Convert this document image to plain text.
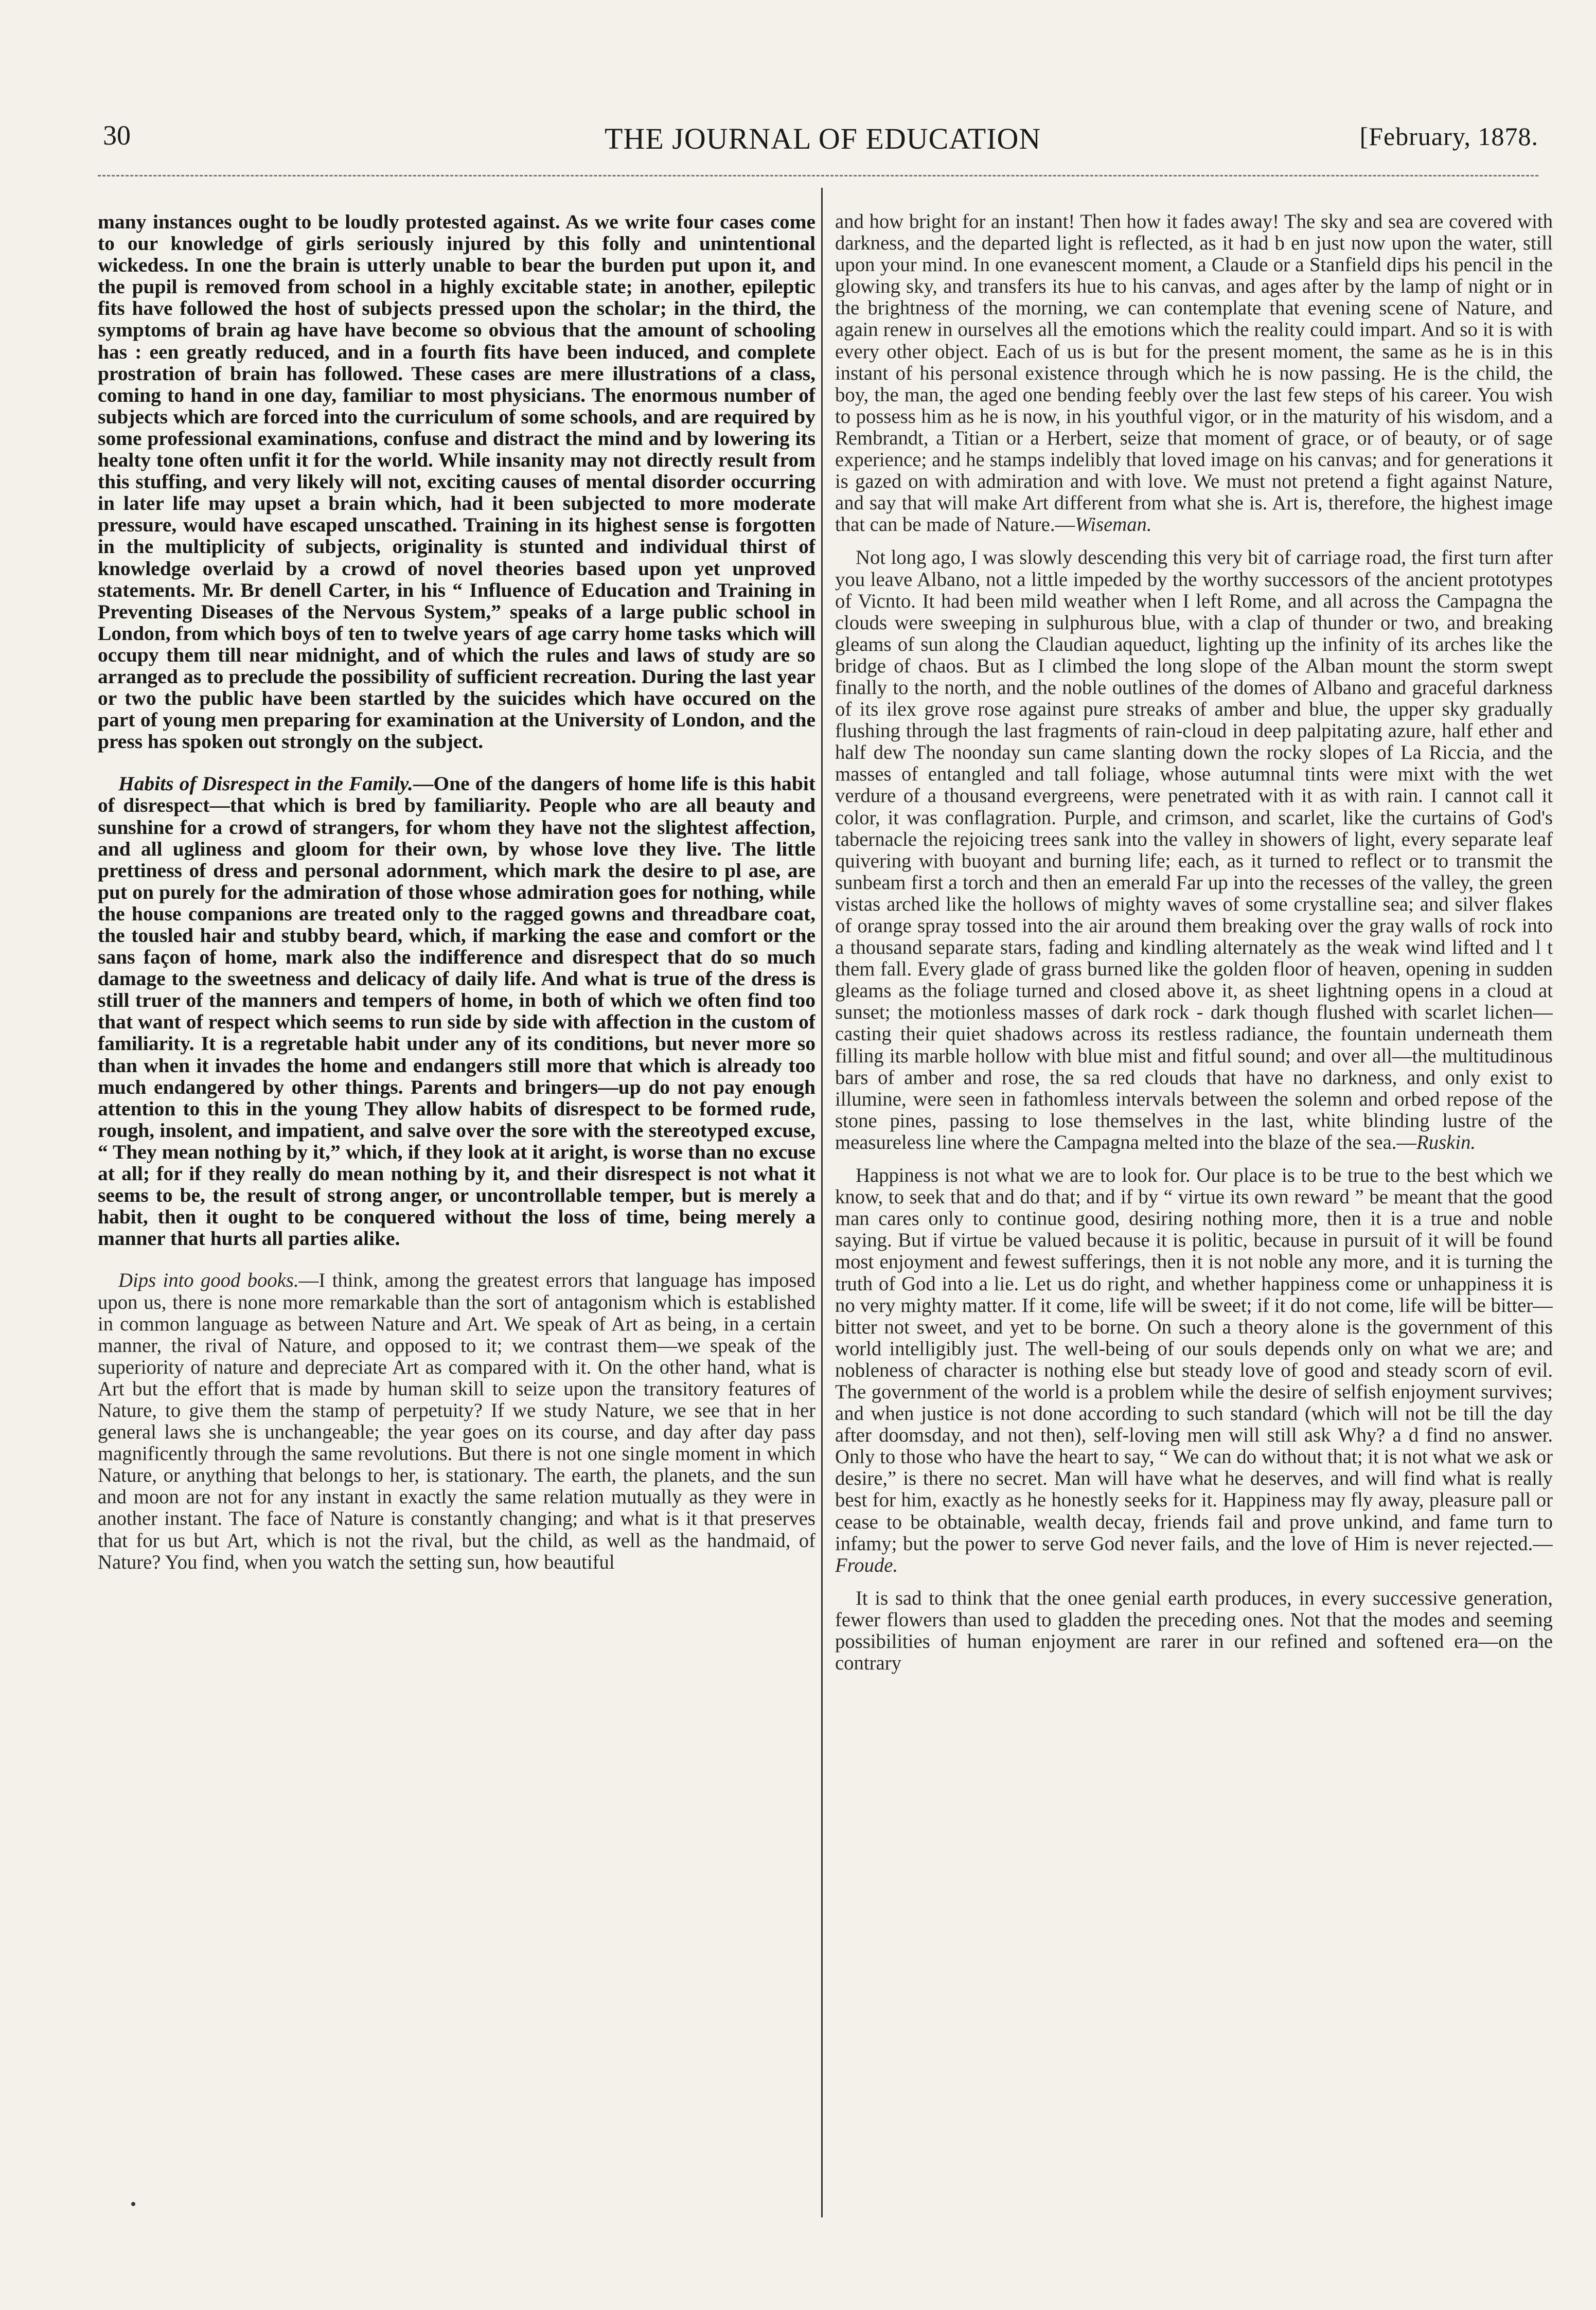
30	THE JOURNAL OF EDUCATION	[February, 1878.

many instances ought to be loudly protested against. As we write four cases come to our knowledge of girls seriously injured by this folly and unintentional wickedess. In one the brain is utterly unable to bear the burden put upon it, and the pupil is removed from school in a highly excitable state; in another, epileptic fits have followed the host of subjects pressed upon the scholar; in the third, the symptoms of brain ag have have become so obvious that the amount of schooling has : een greatly reduced, and in a fourth fits have been induced, and complete prostration of brain has followed. These cases are mere illustrations of a class, coming to hand in one day, familiar to most physicians. The enormous number of subjects which are forced into the curriculum of some schools, and are required by some professional examinations, confuse and distract the mind and by lowering its healty tone often unfit it for the world. While insanity may not directly result from this stuffing, and very likely will not, exciting causes of mental disorder occurring in later life may upset a brain which, had it been subjected to more moderate pressure, would have escaped unscathed. Training in its highest sense is forgotten in the multiplicity of subjects, originality is stunted and individual thirst of knowledge overlaid by a crowd of novel theories based upon yet unproved statements. Mr. Br denell Carter, in his “ Influence of Education and Training in Preventing Diseases of the Nervous System,” speaks of a large public school in London, from which boys of ten to twelve years of age carry home tasks which will occupy them till near midnight, and of which the rules and laws of study are so arranged as to preclude the possibility of sufficient recreation. During the last year or two the public have been startled by the suicides which have occured on the part of young men preparing for examination at the University of London, and the press has spoken out strongly on the subject.

Habits of Disrespect in the Family.—One of the dangers of home life is this habit of disrespect—that which is bred by familiarity. People who are all beauty and sunshine for a crowd of strangers, for whom they have not the slightest affection, and all ugliness and gloom for their own, by whose love they live. The little prettiness of dress and personal adornment, which mark the desire to pl ase, are put on purely for the admiration of those whose admiration goes for nothing, while the house companions are treated only to the ragged gowns and threadbare coat, the tousled hair and stubby beard, which, if marking the ease and comfort or the sans façon of home, mark also the indifference and disrespect that do so much damage to the sweetness and delicacy of daily life. And what is true of the dress is still truer of the manners and tempers of home, in both of which we often find too that want of respect which seems to run side by side with affection in the custom of familiarity. It is a regretable habit under any of its conditions, but never more so than when it invades the home and endangers still more that which is already too much endangered by other things. Parents and bringers—up do not pay enough attention to this in the young They allow habits of disrespect to be formed rude, rough, insolent, and impatient, and salve over the sore with the stereotyped excuse, “ They mean nothing by it,” which, if they look at it aright, is worse than no excuse at all; for if they really do mean nothing by it, and their disrespect is not what it seems to be, the result of strong anger, or uncontrollable temper, but is merely a habit, then it ought to be conquered without the loss of time, being merely a manner that hurts all parties alike.

Dips into good books.—I think, among the greatest errors that language has imposed upon us, there is none more remarkable than the sort of antagonism which is established in common language as between Nature and Art. We speak of Art as being, in a certain manner, the rival of Nature, and opposed to it; we contrast them—we speak of the superiority of nature and depreciate Art as compared with it. On the other hand, what is Art but the effort that is made by human skill to seize upon the transitory features of Nature, to give them the stamp of perpetuity? If we study Nature, we see that in her general laws she is unchangeable; the year goes on its course, and day after day pass magnificently through the same revolutions. But there is not one single moment in which Nature, or anything that belongs to her, is stationary. The earth, the planets, and the sun and moon are not for any instant in exactly the same relation mutually as they were in another instant. The face of Nature is constantly changing; and what is it that preserves that for us but Art, which is not the rival, but the child, as well as the handmaid, of Nature? You find, when you watch the setting sun, how beautiful

and how bright for an instant! Then how it fades away! The sky and sea are covered with darkness, and the departed light is reflected, as it had b en just now upon the water, still upon your mind. In one evanescent moment, a Claude or a Stanfield dips his pencil in the glowing sky, and transfers its hue to his canvas, and ages after by the lamp of night or in the brightness of the morning, we can contemplate that evening scene of Nature, and again renew in ourselves all the emotions which the reality could impart. And so it is with every other object. Each of us is but for the present moment, the same as he is in this instant of his personal existence through which he is now passing. He is the child, the boy, the man, the aged one bending feebly over the last few steps of his career. You wish to possess him as he is now, in his youthful vigor, or in the maturity of his wisdom, and a Rembrandt, a Titian or a Herbert, seize that moment of grace, or of beauty, or of sage experience; and he stamps indelibly that loved image on his canvas; and for generations it is gazed on with admiration and with love. We must not pretend a fight against Nature, and say that will make Art different from what she is. Art is, therefore, the highest image that can be made of Nature.—Wiseman.

Not long ago, I was slowly descending this very bit of carriage road, the first turn after you leave Albano, not a little impeded by the worthy successors of the ancient prototypes of Vicnto. It had been mild weather when I left Rome, and all across the Campagna the clouds were sweeping in sulphurous blue, with a clap of thunder or two, and breaking gleams of sun along the Claudian aqueduct, lighting up the infinity of its arches like the bridge of chaos. But as I climbed the long slope of the Alban mount the storm swept finally to the north, and the noble outlines of the domes of Albano and graceful darkness of its ilex grove rose against pure streaks of amber and blue, the upper sky gradually flushing through the last fragments of rain-cloud in deep palpitating azure, half ether and half dew The noonday sun came slanting down the rocky slopes of La Riccia, and the masses of entangled and tall foliage, whose autumnal tints were mixt with the wet verdure of a thousand evergreens, were penetrated with it as with rain. I cannot call it color, it was conflagration. Purple, and crimson, and scarlet, like the curtains of God's tabernacle the rejoicing trees sank into the valley in showers of light, every separate leaf quivering with buoyant and burning life; each, as it turned to reflect or to transmit the sunbeam first a torch and then an emerald Far up into the recesses of the valley, the green vistas arched like the hollows of mighty waves of some crystalline sea; and silver flakes of orange spray tossed into the air around them breaking over the gray walls of rock into a thousand separate stars, fading and kindling alternately as the weak wind lifted and l t them fall. Every glade of grass burned like the golden floor of heaven, opening in sudden gleams as the foliage turned and closed above it, as sheet lightning opens in a cloud at sunset; the motionless masses of dark rock - dark though flushed with scarlet lichen—casting their quiet shadows across its restless radiance, the fountain underneath them filling its marble hollow with blue mist and fitful sound; and over all—the multitudinous bars of amber and rose, the sa red clouds that have no darkness, and only exist to illumine, were seen in fathomless intervals between the solemn and orbed repose of the stone pines, passing to lose themselves in the last, white blinding lustre of the measureless line where the Campagna melted into the blaze of the sea.—Ruskin.

Happiness is not what we are to look for. Our place is to be true to the best which we know, to seek that and do that; and if by “ virtue its own reward ” be meant that the good man cares only to continue good, desiring nothing more, then it is a true and noble saying. But if virtue be valued because it is politic, because in pursuit of it will be found most enjoyment and fewest sufferings, then it is not noble any more, and it is turning the truth of God into a lie. Let us do right, and whether happiness come or unhappiness it is no very mighty matter. If it come, life will be sweet; if it do not come, life will be bitter—bitter not sweet, and yet to be borne. On such a theory alone is the government of this world intelligibly just. The well-being of our souls depends only on what we are; and nobleness of character is nothing else but steady love of good and steady scorn of evil. The government of the world is a problem while the desire of selfish enjoyment survives; and when justice is not done according to such standard (which will not be till the day after doomsday, and not then), self-loving men will still ask Why? a d find no answer. Only to those who have the heart to say, “ We can do without that; it is not what we ask or desire,” is there no secret. Man will have what he deserves, and will find what is really best for him, exactly as he honestly seeks for it. Happiness may fly away, pleasure pall or cease to be obtainable, wealth decay, friends fail and prove unkind, and fame turn to infamy; but the power to serve God never fails, and the love of Him is never rejected.—Froude.

It is sad to think that the onee genial earth produces, in every successive generation, fewer flowers than used to gladden the preceding ones. Not that the modes and seeming possibilities of human enjoyment are rarer in our refined and softened era—on the contrary
